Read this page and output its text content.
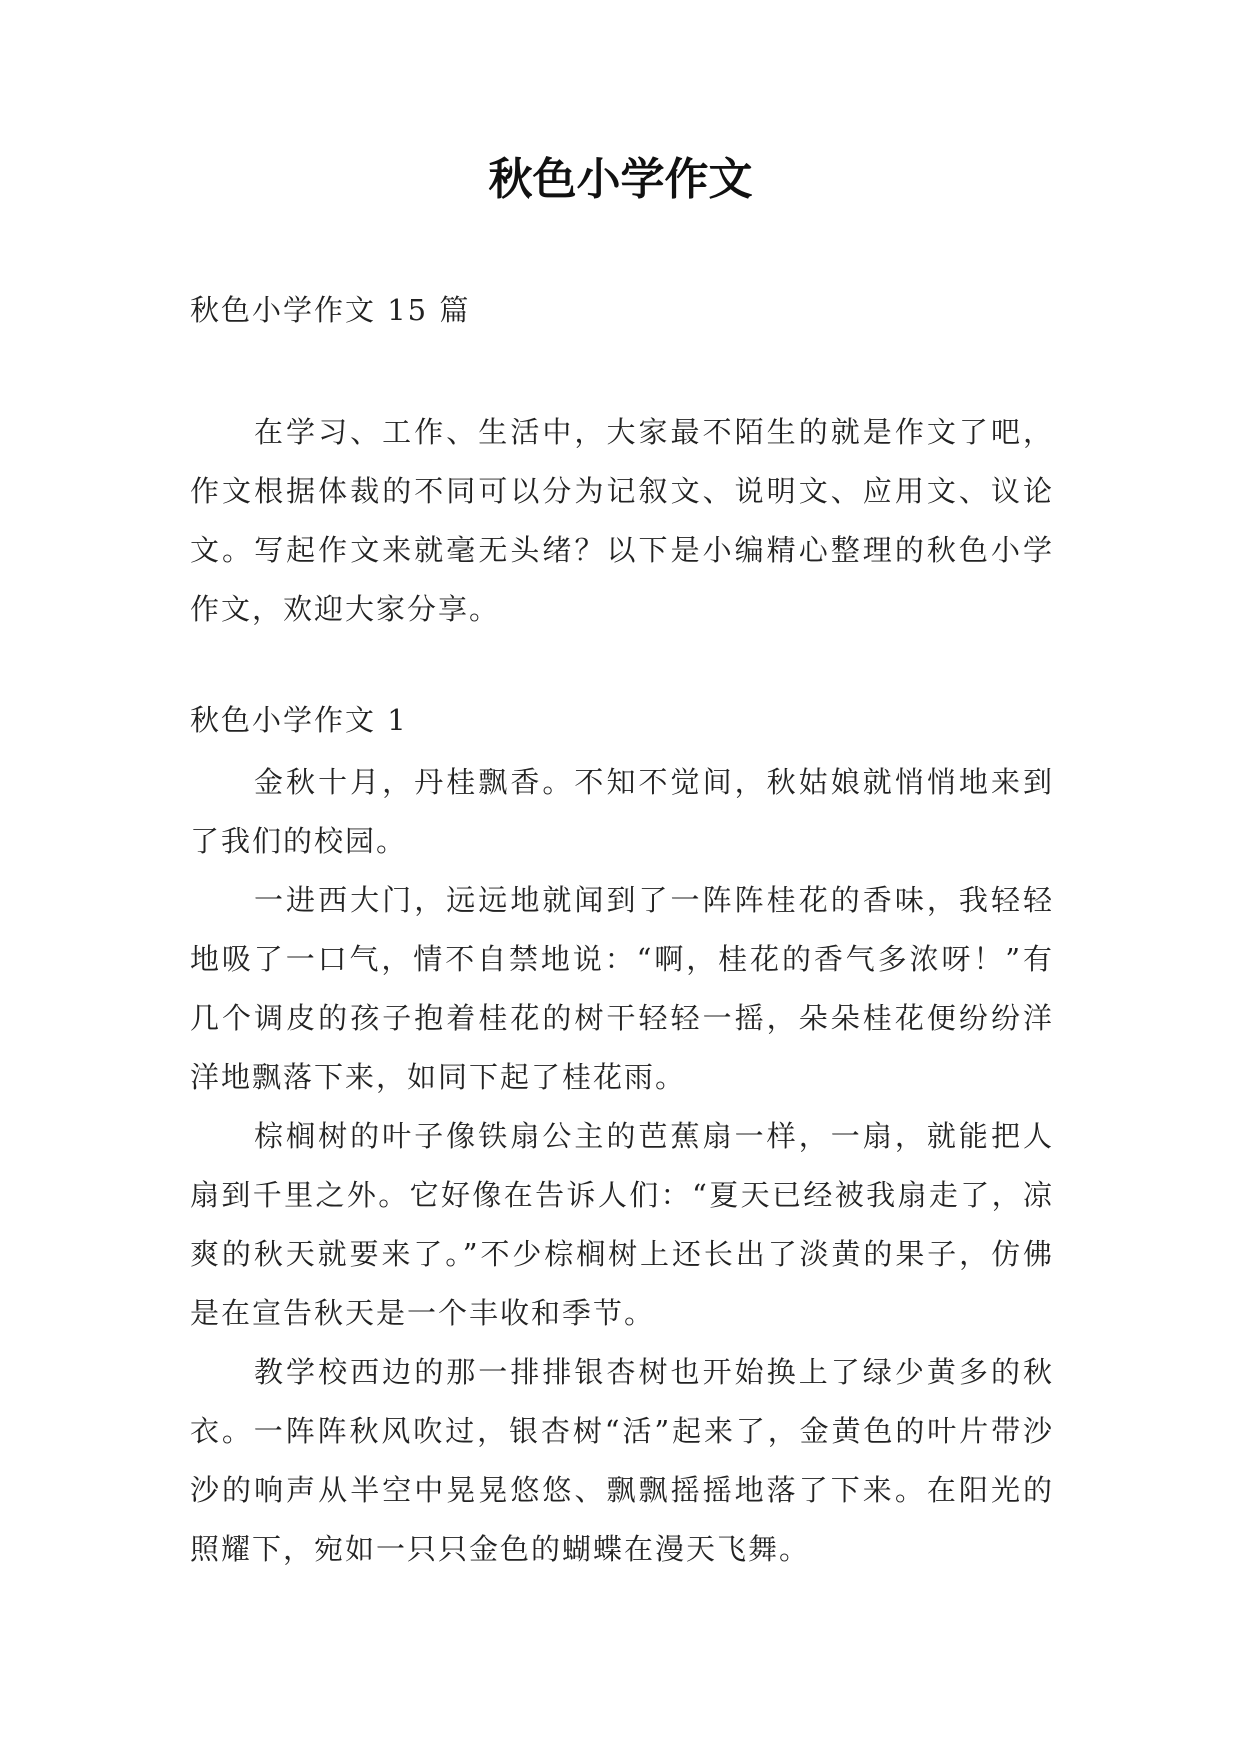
秋色小学作文
秋色小学作文 15 篇

在学习、工作、生活中，大家最不陌生的就是作文了吧，作文根据体裁的不同可以分为记叙文、说明文、应用文、议论文。写起作文来就毫无头绪？以下是小编精心整理的秋色小学作文，欢迎大家分享。

秋色小学作文 1

金秋十月，丹桂飘香。不知不觉间，秋姑娘就悄悄地来到了我们的校园。

一进西大门，远远地就闻到了一阵阵桂花的香味，我轻轻地吸了一口气，情不自禁地说：“啊，桂花的香气多浓呀！”有几个调皮的孩子抱着桂花的树干轻轻一摇，朵朵桂花便纷纷洋洋地飘落下来，如同下起了桂花雨。

棕榈树的叶子像铁扇公主的芭蕉扇一样，一扇，就能把人扇到千里之外。它好像在告诉人们：“夏天已经被我扇走了，凉爽的秋天就要来了。”不少棕榈树上还长出了淡黄的果子，仿佛是在宣告秋天是一个丰收和季节。

教学校西边的那一排排银杏树也开始换上了绿少黄多的秋衣。一阵阵秋风吹过，银杏树“活”起来了，金黄色的叶片带沙沙的响声从半空中晃晃悠悠、飘飘摇摇地落了下来。在阳光的照耀下，宛如一只只金色的蝴蝶在漫天飞舞。
